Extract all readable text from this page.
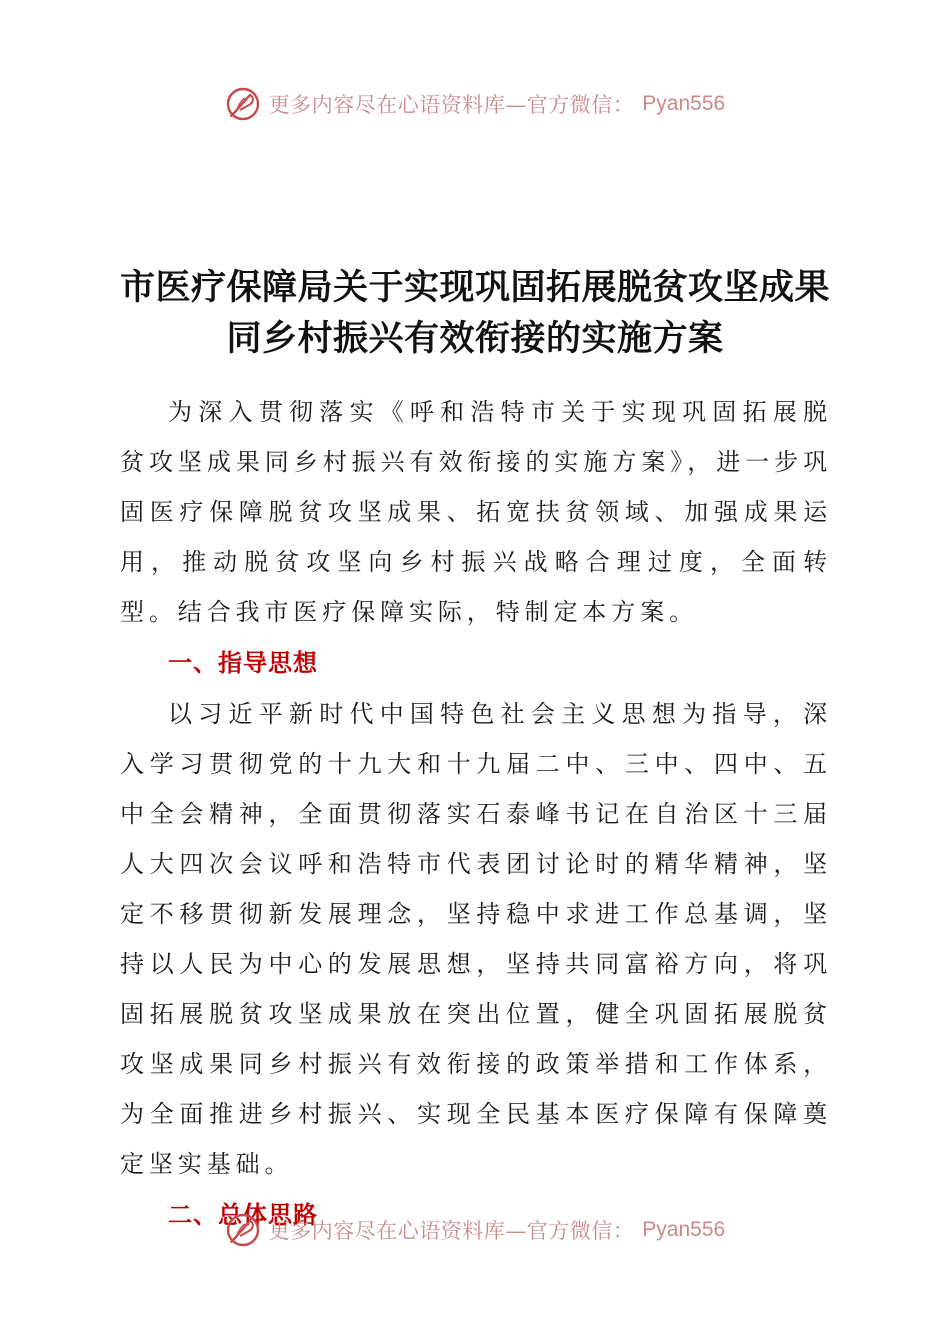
更多内容尽在心语资料库—官方微信： Pyan556
市医疗保障局关于实现巩固拓展脱贫攻坚成果
同乡村振兴有效衔接的实施方案

为深入贯彻落实《呼和浩特市关于实现巩固拓展脱贫攻坚成果同乡村振兴有效衔接的实施方案》，进一步巩固医疗保障脱贫攻坚成果、拓宽扶贫领域、加强成果运用，推动脱贫攻坚向乡村振兴战略合理过度，全面转型。结合我市医疗保障实际，特制定本方案。

一、指导思想

以习近平新时代中国特色社会主义思想为指导，深入学习贯彻党的十九大和十九届二中、三中、四中、五中全会精神，全面贯彻落实石泰峰书记在自治区十三届人大四次会议呼和浩特市代表团讨论时的精华精神，坚定不移贯彻新发展理念，坚持稳中求进工作总基调，坚持以人民为中心的发展思想，坚持共同富裕方向，将巩固拓展脱贫攻坚成果放在突出位置，健全巩固拓展脱贫攻坚成果同乡村振兴有效衔接的政策举措和工作体系，为全面推进乡村振兴、实现全民基本医疗保障有保障奠定坚实基础。

二、总体思路

更多内容尽在心语资料库—官方微信： Pyan556
